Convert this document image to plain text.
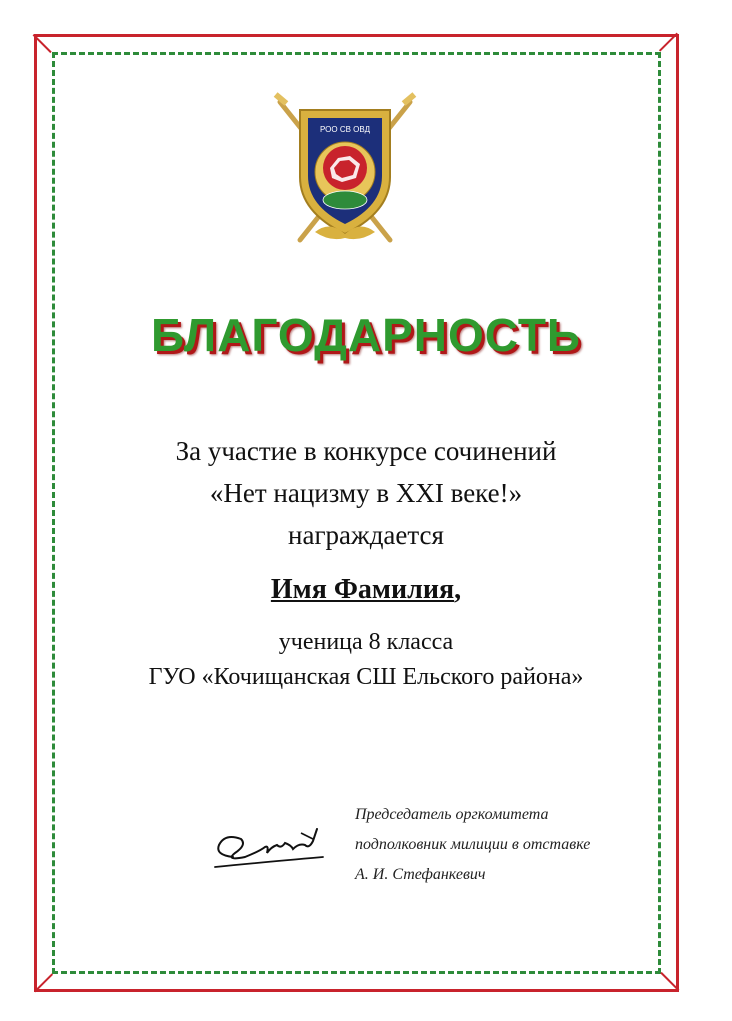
РОО СВ ОВД
БЛАГОДАРНОСТЬ
За участие в конкурсе сочинений
«Нет нацизму в XXI веке!»
награждается
Имя Фамилия,
ученица 8 класса
ГУО «Кочищанская СШ Ельского района»
Председатель оргкомитета
подполковник милиции в отставке
А. И. Стефанкевич
